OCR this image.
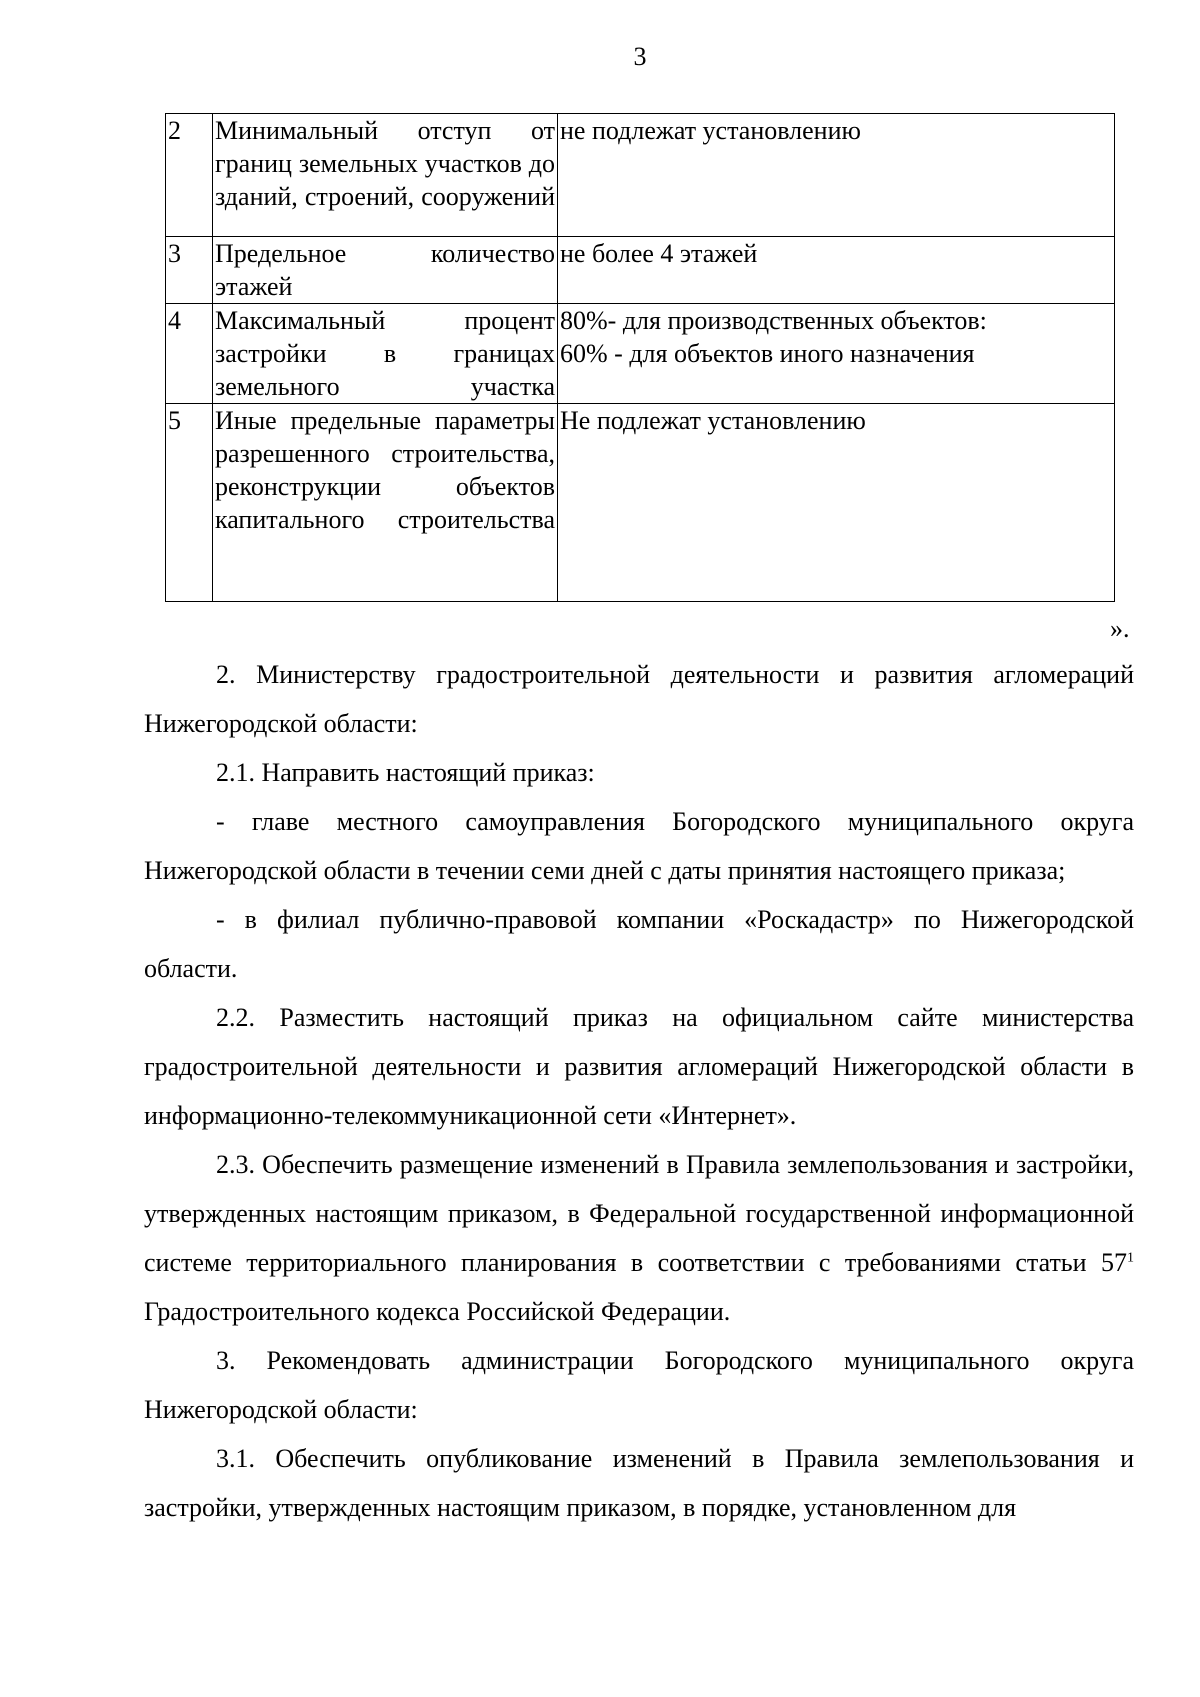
3
2	Минимальный отступ от границ земельных участков до зданий, строений, сооружений	не подлежат установлению
3	Предельное количество этажей	не более 4 этажей
4	Максимальный процент застройки в границах земельного участка	80%- для производственных объектов:
60% - для объектов иного назначения

5	Иные предельные параметры разрешенного строительства, реконструкции объектов капитального строительства	Не подлежат установлению
».

2. Министерству градостроительной деятельности и развития агломераций Нижегородской области:

2.1. Направить настоящий приказ:

- главе местного самоуправления Богородского муниципального округа Нижегородской области в течении семи дней с даты принятия настоящего приказа;

- в филиал публично-правовой компании «Роскадастр» по Нижегородской области.

2.2. Разместить настоящий приказ на официальном сайте министерства градостроительной деятельности и развития агломераций Нижегородской области в информационно-телекоммуникационной сети «Интернет».

2.3. Обеспечить размещение изменений в Правила землепользования и застройки, утвержденных настоящим приказом, в Федеральной государственной информационной системе территориального планирования в соответствии с требованиями статьи $57^1$ Градостроительного кодекса Российской Федерации.

3. Рекомендовать администрации Богородского муниципального округа Нижегородской области:

3.1. Обеспечить опубликование изменений в Правила землепользования и застройки, утвержденных настоящим приказом, в порядке, установленном для
